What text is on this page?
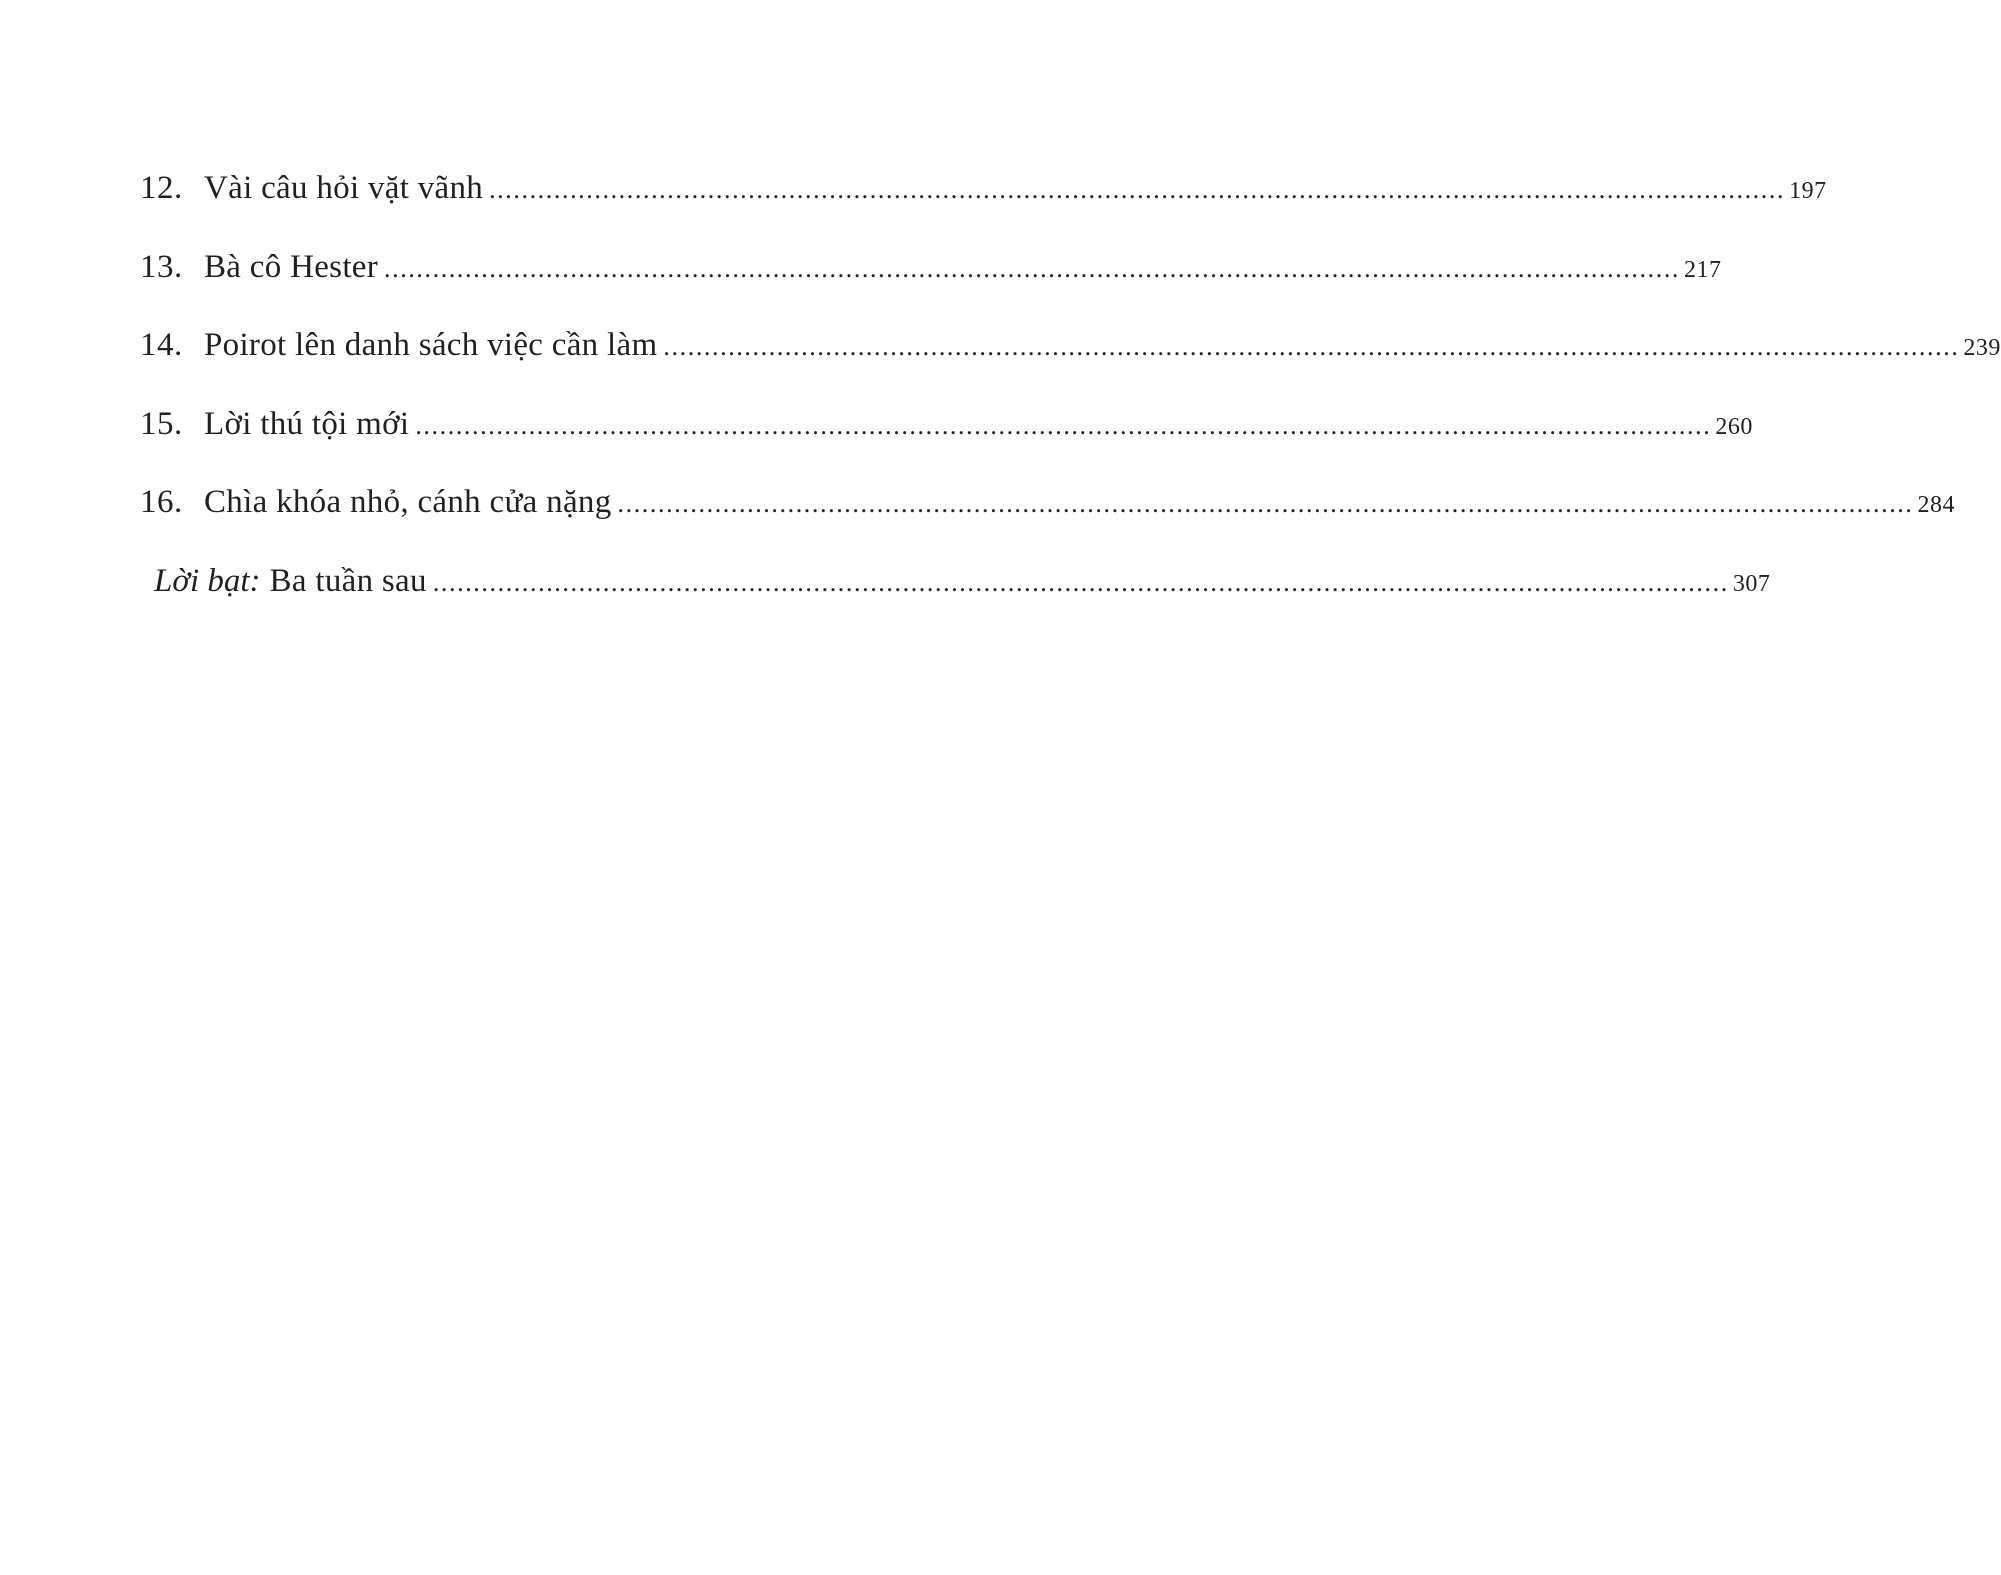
12. Vài câu hỏi vặt vãnh ................................................................................................................................................................ 197
13. Bà cô Hester ................................................................................................................................................................ 217
14. Poirot lên danh sách việc cần làm ................................................................................................................................................................ 239
15. Lời thú tội mới ................................................................................................................................................................ 260
16. Chìa khóa nhỏ, cánh cửa nặng ................................................................................................................................................................ 284
Lời bạt: Ba tuần sau ................................................................................................................................................................ 307
